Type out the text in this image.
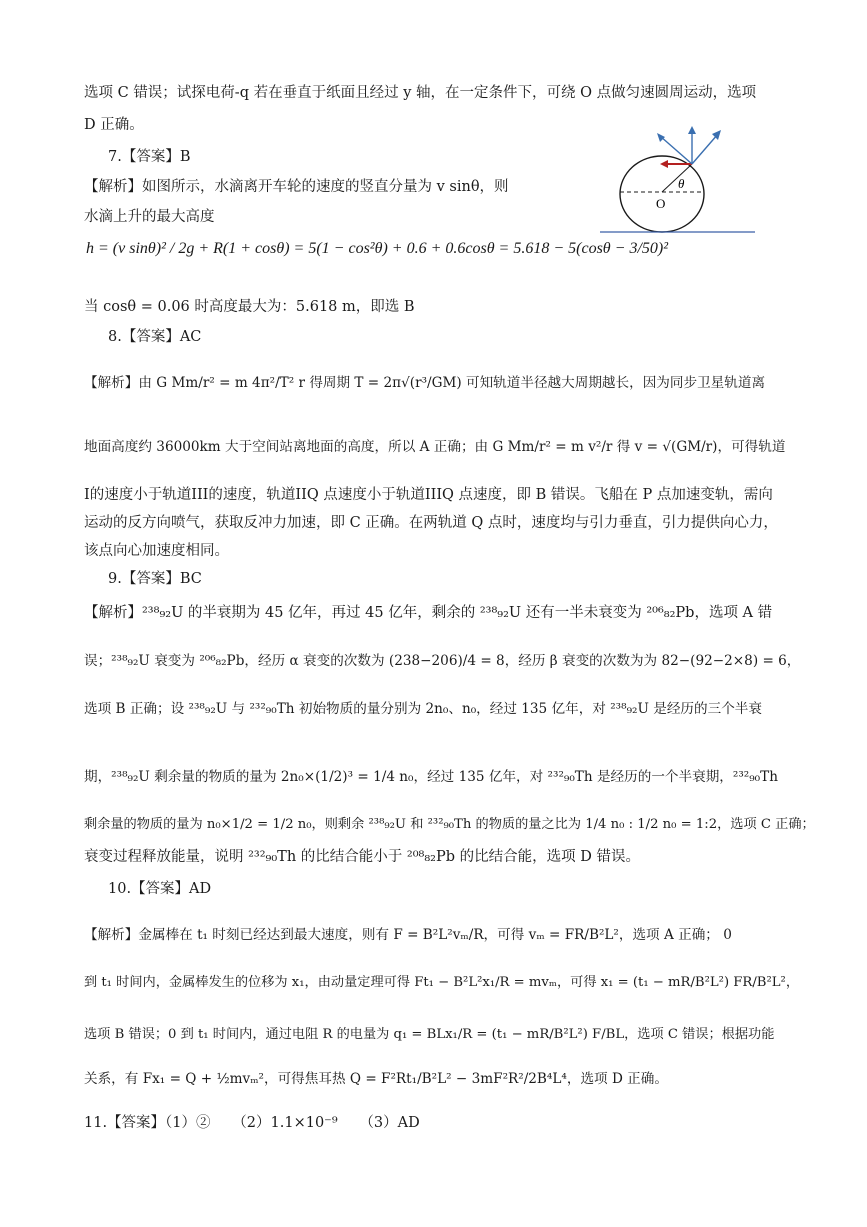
选项 C 错误；试探电荷-q 若在垂直于纸面且经过 y 轴，在一定条件下，可绕 O 点做匀速圆周运动，选项
D 正确。
7.【答案】B
【解析】如图所示，水滴离开车轮的速度的竖直分量为 v sinθ，则
水滴上升的最大高度
h = (v sinθ)² / 2g + R(1 + cosθ) = 5(1 − cos²θ) + 0.6 + 0.6cosθ = 5.618 − 5(cosθ − 3/50)²
当 cosθ = 0.06 时高度最大为：5.618 m，即选 B
θ
O
8.【答案】AC
【解析】由 G Mm/r² = m 4π²/T² r 得周期 T = 2π√(r³/GM) 可知轨道半径越大周期越长，因为同步卫星轨道离
地面高度约 36000km 大于空间站离地面的高度，所以 A 正确；由 G Mm/r² = m v²/r 得 v = √(GM/r)，可得轨道
I的速度小于轨道III的速度，轨道IIQ 点速度小于轨道IIIQ 点速度，即 B 错误。飞船在 P 点加速变轨，需向
运动的反方向喷气，获取反冲力加速，即 C 正确。在两轨道 Q 点时，速度均与引力垂直，引力提供向心力，
该点向心加速度相同。
9.【答案】BC
【解析】²³⁸₉₂U 的半衰期为 45 亿年，再过 45 亿年，剩余的 ²³⁸₉₂U 还有一半未衰变为 ²⁰⁶₈₂Pb，选项 A 错
误；²³⁸₉₂U 衰变为 ²⁰⁶₈₂Pb，经历 α 衰变的次数为 (238−206)/4 = 8，经历 β 衰变的次数为为 82−(92−2×8) = 6，
选项 B 正确；设 ²³⁸₉₂U 与 ²³²₉₀Th 初始物质的量分别为 2n₀、n₀，经过 135 亿年，对 ²³⁸₉₂U 是经历的三个半衰
期，²³⁸₉₂U 剩余量的物质的量为 2n₀×(1/2)³ = 1/4 n₀，经过 135 亿年，对 ²³²₉₀Th 是经历的一个半衰期，²³²₉₀Th
剩余量的物质的量为 n₀×1/2 = 1/2 n₀，则剩余 ²³⁸₉₂U 和 ²³²₉₀Th 的物质的量之比为 1/4 n₀ : 1/2 n₀ = 1:2，选项 C 正确；
衰变过程释放能量，说明 ²³²₉₀Th 的比结合能小于 ²⁰⁸₈₂Pb 的比结合能，选项 D 错误。
10.【答案】AD
【解析】金属棒在 t₁ 时刻已经达到最大速度，则有 F = B²L²vₘ/R，可得 vₘ = FR/B²L²，选项 A 正确； 0
到 t₁ 时间内，金属棒发生的位移为 x₁，由动量定理可得 Ft₁ − B²L²x₁/R = mvₘ，可得 x₁ = (t₁ − mR/B²L²) FR/B²L²，
选项 B 错误；0 到 t₁ 时间内，通过电阻 R 的电量为 q₁ = BLx₁/R = (t₁ − mR/B²L²) F/BL，选项 C 错误；根据功能
关系，有 Fx₁ = Q + ½mvₘ²，可得焦耳热 Q = F²Rt₁/B²L² − 3mF²R²/2B⁴L⁴，选项 D 正确。
11.【答案】（1）②　　（2）1.1×10⁻⁹　　（3）AD
